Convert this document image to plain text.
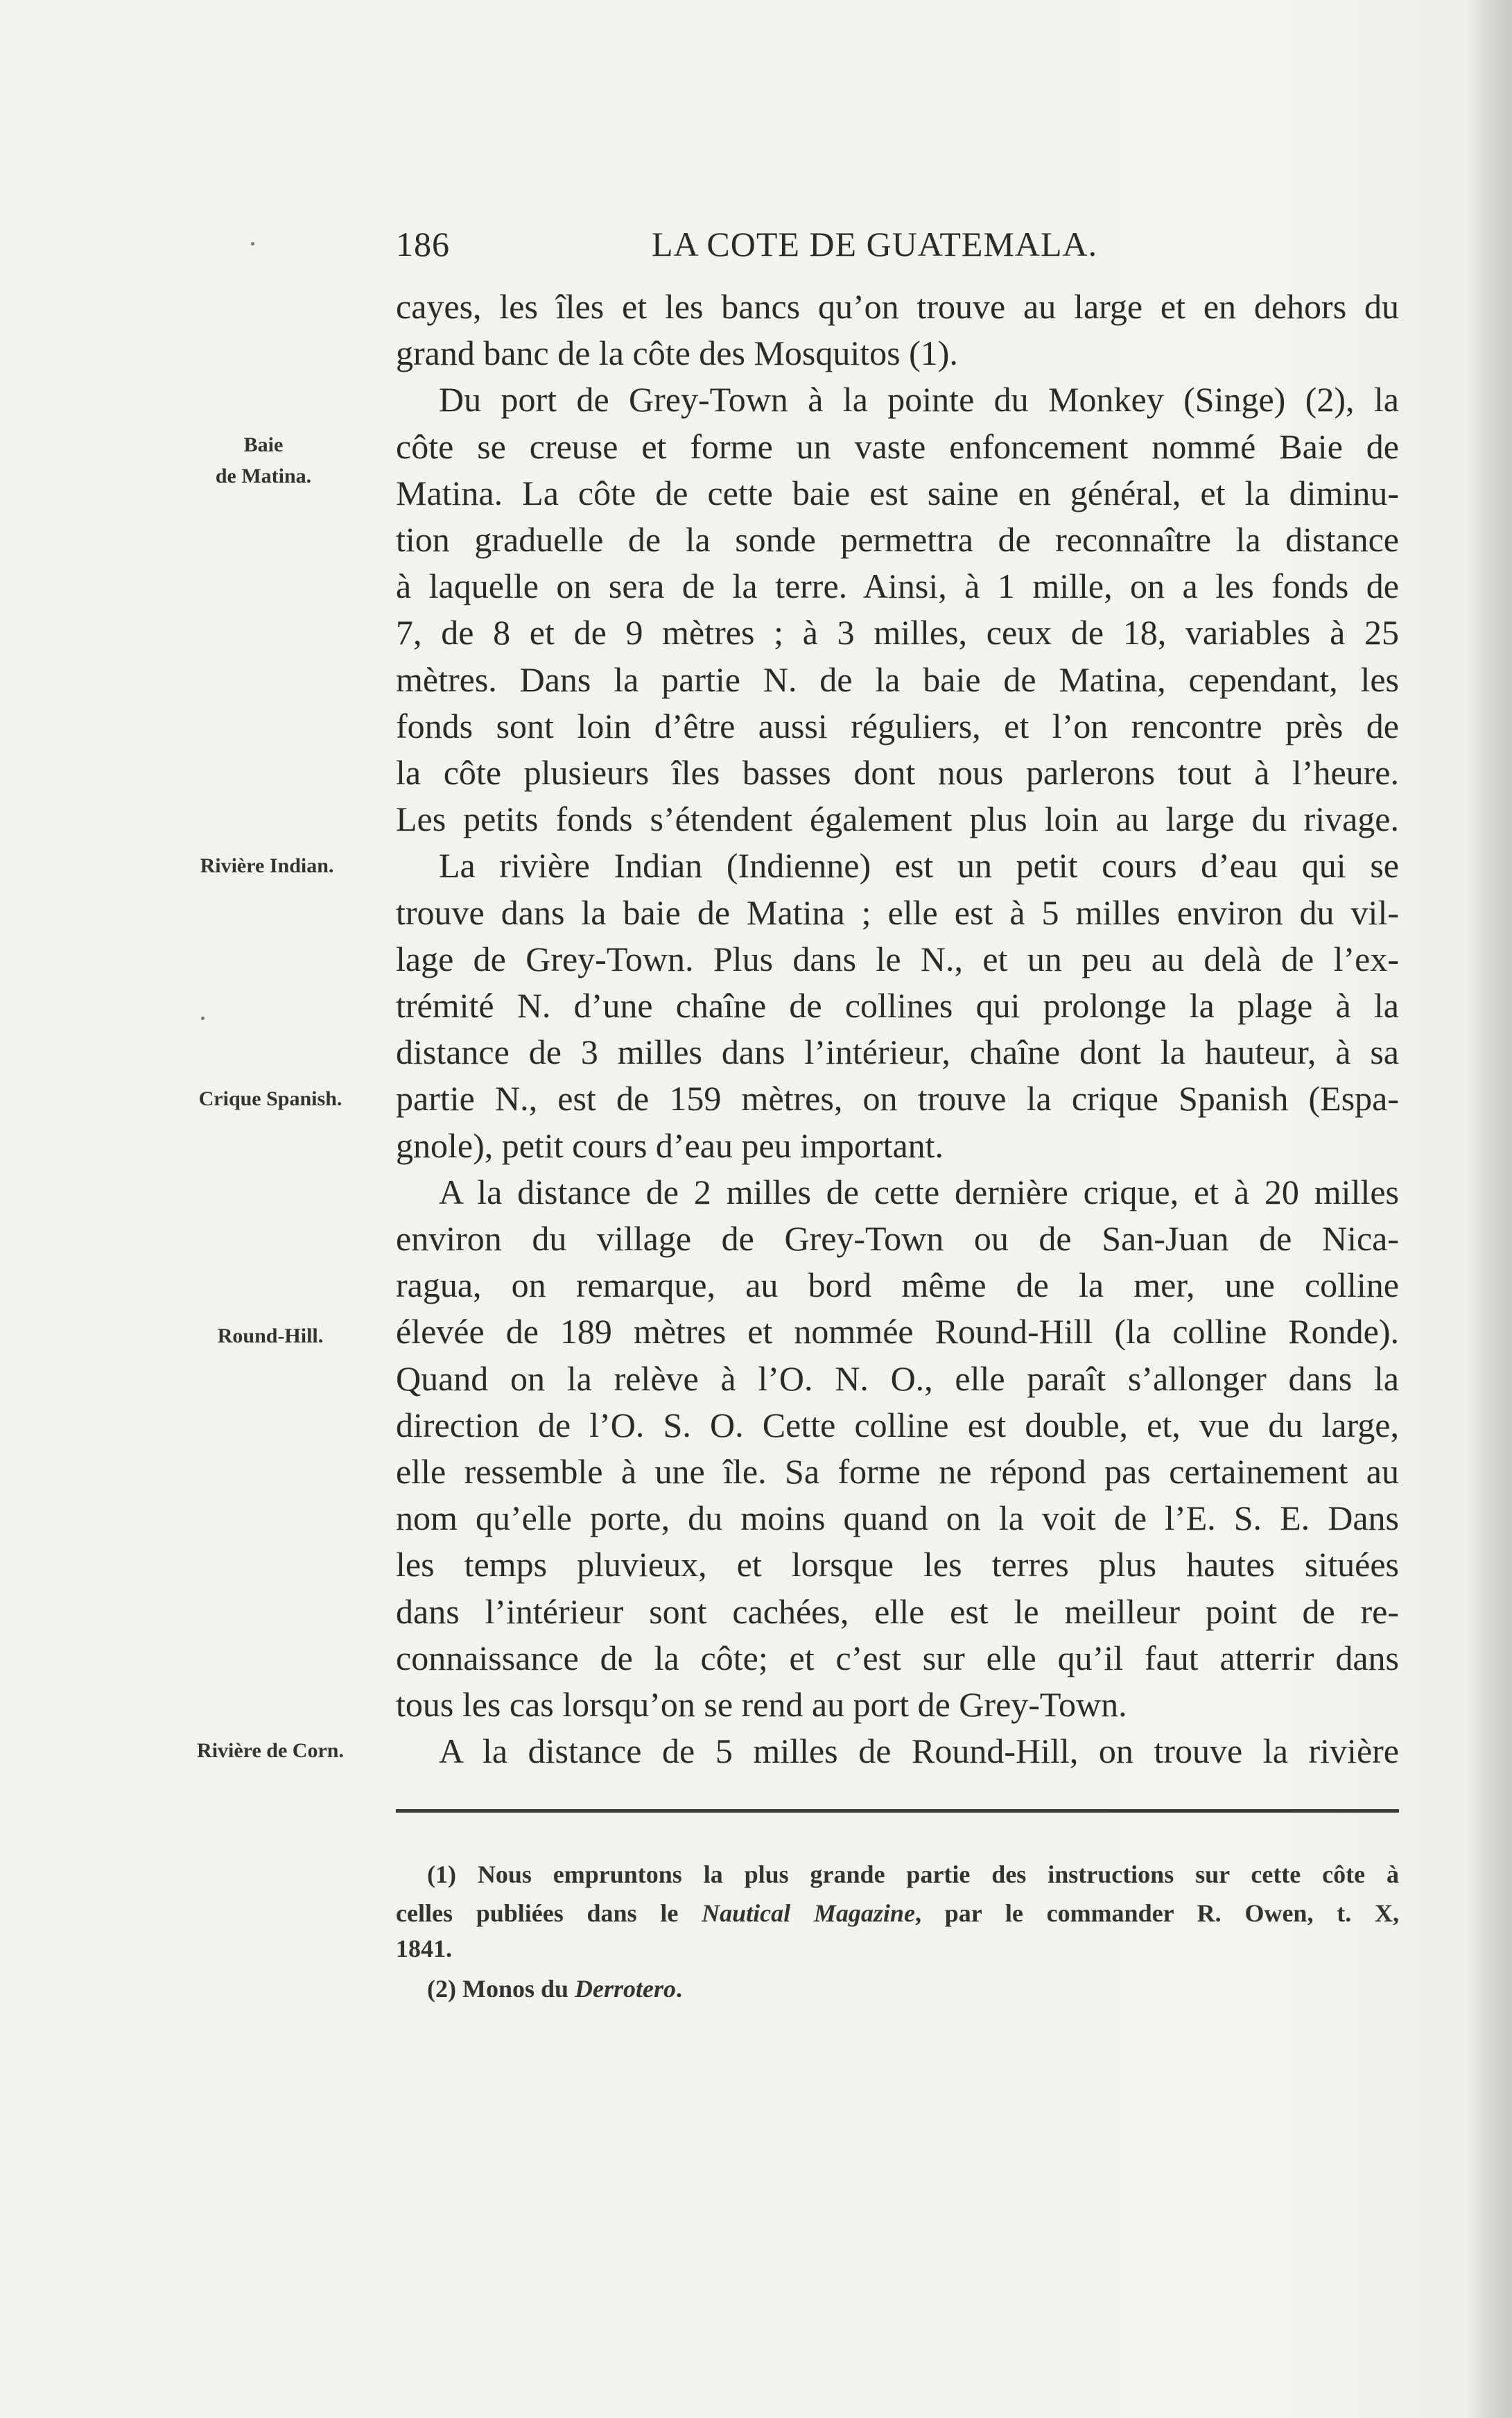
186	LA COTE DE GUATEMALA.
cayes, les îles et les bancs qu’on trouve au large et en dehors du
grand banc de la côte des Mosquitos (1).
Du port de Grey-Town à la pointe du Monkey (Singe) (2), la
côte se creuse et forme un vaste enfoncement nommé Baie de
Matina. La côte de cette baie est saine en général, et la diminu-
tion graduelle de la sonde permettra de reconnaître la distance
à laquelle on sera de la terre. Ainsi, à 1 mille, on a les fonds de
7, de 8 et de 9 mètres ; à 3 milles, ceux de 18, variables à 25
mètres. Dans la partie N. de la baie de Matina, cependant, les
fonds sont loin d’être aussi réguliers, et l’on rencontre près de
la côte plusieurs îles basses dont nous parlerons tout à l’heure.
Les petits fonds s’étendent également plus loin au large du rivage.
La rivière Indian (Indienne) est un petit cours d’eau qui se
trouve dans la baie de Matina ; elle est à 5 milles environ du vil-
lage de Grey-Town. Plus dans le N., et un peu au delà de l’ex-
trémité N. d’une chaîne de collines qui prolonge la plage à la
distance de 3 milles dans l’intérieur, chaîne dont la hauteur, à sa
partie N., est de 159 mètres, on trouve la crique Spanish (Espa-
gnole), petit cours d’eau peu important.
A la distance de 2 milles de cette dernière crique, et à 20 milles
environ du village de Grey-Town ou de San-Juan de Nica-
ragua, on remarque, au bord même de la mer, une colline
élevée de 189 mètres et nommée Round-Hill (la colline Ronde).
Quand on la relève à l’O. N. O., elle paraît s’allonger dans la
direction de l’O. S. O. Cette colline est double, et, vue du large,
elle ressemble à une île. Sa forme ne répond pas certainement au
nom qu’elle porte, du moins quand on la voit de l’E. S. E. Dans
les temps pluvieux, et lorsque les terres plus hautes situées
dans l’intérieur sont cachées, elle est le meilleur point de re-
connaissance de la côte; et c’est sur elle qu’il faut atterrir dans
tous les cas lorsqu’on se rend au port de Grey-Town.
A la distance de 5 milles de Round-Hill, on trouve la rivière
Baie
de Matina.
Rivière Indian.
Crique Spanish.
Round-Hill.
Rivière de Corn.
(1) Nous empruntons la plus grande partie des instructions sur cette côte à
celles publiées dans le Nautical Magazine, par le commander R. Owen, t. X,
1841.
(2) Monos du Derrotero.
